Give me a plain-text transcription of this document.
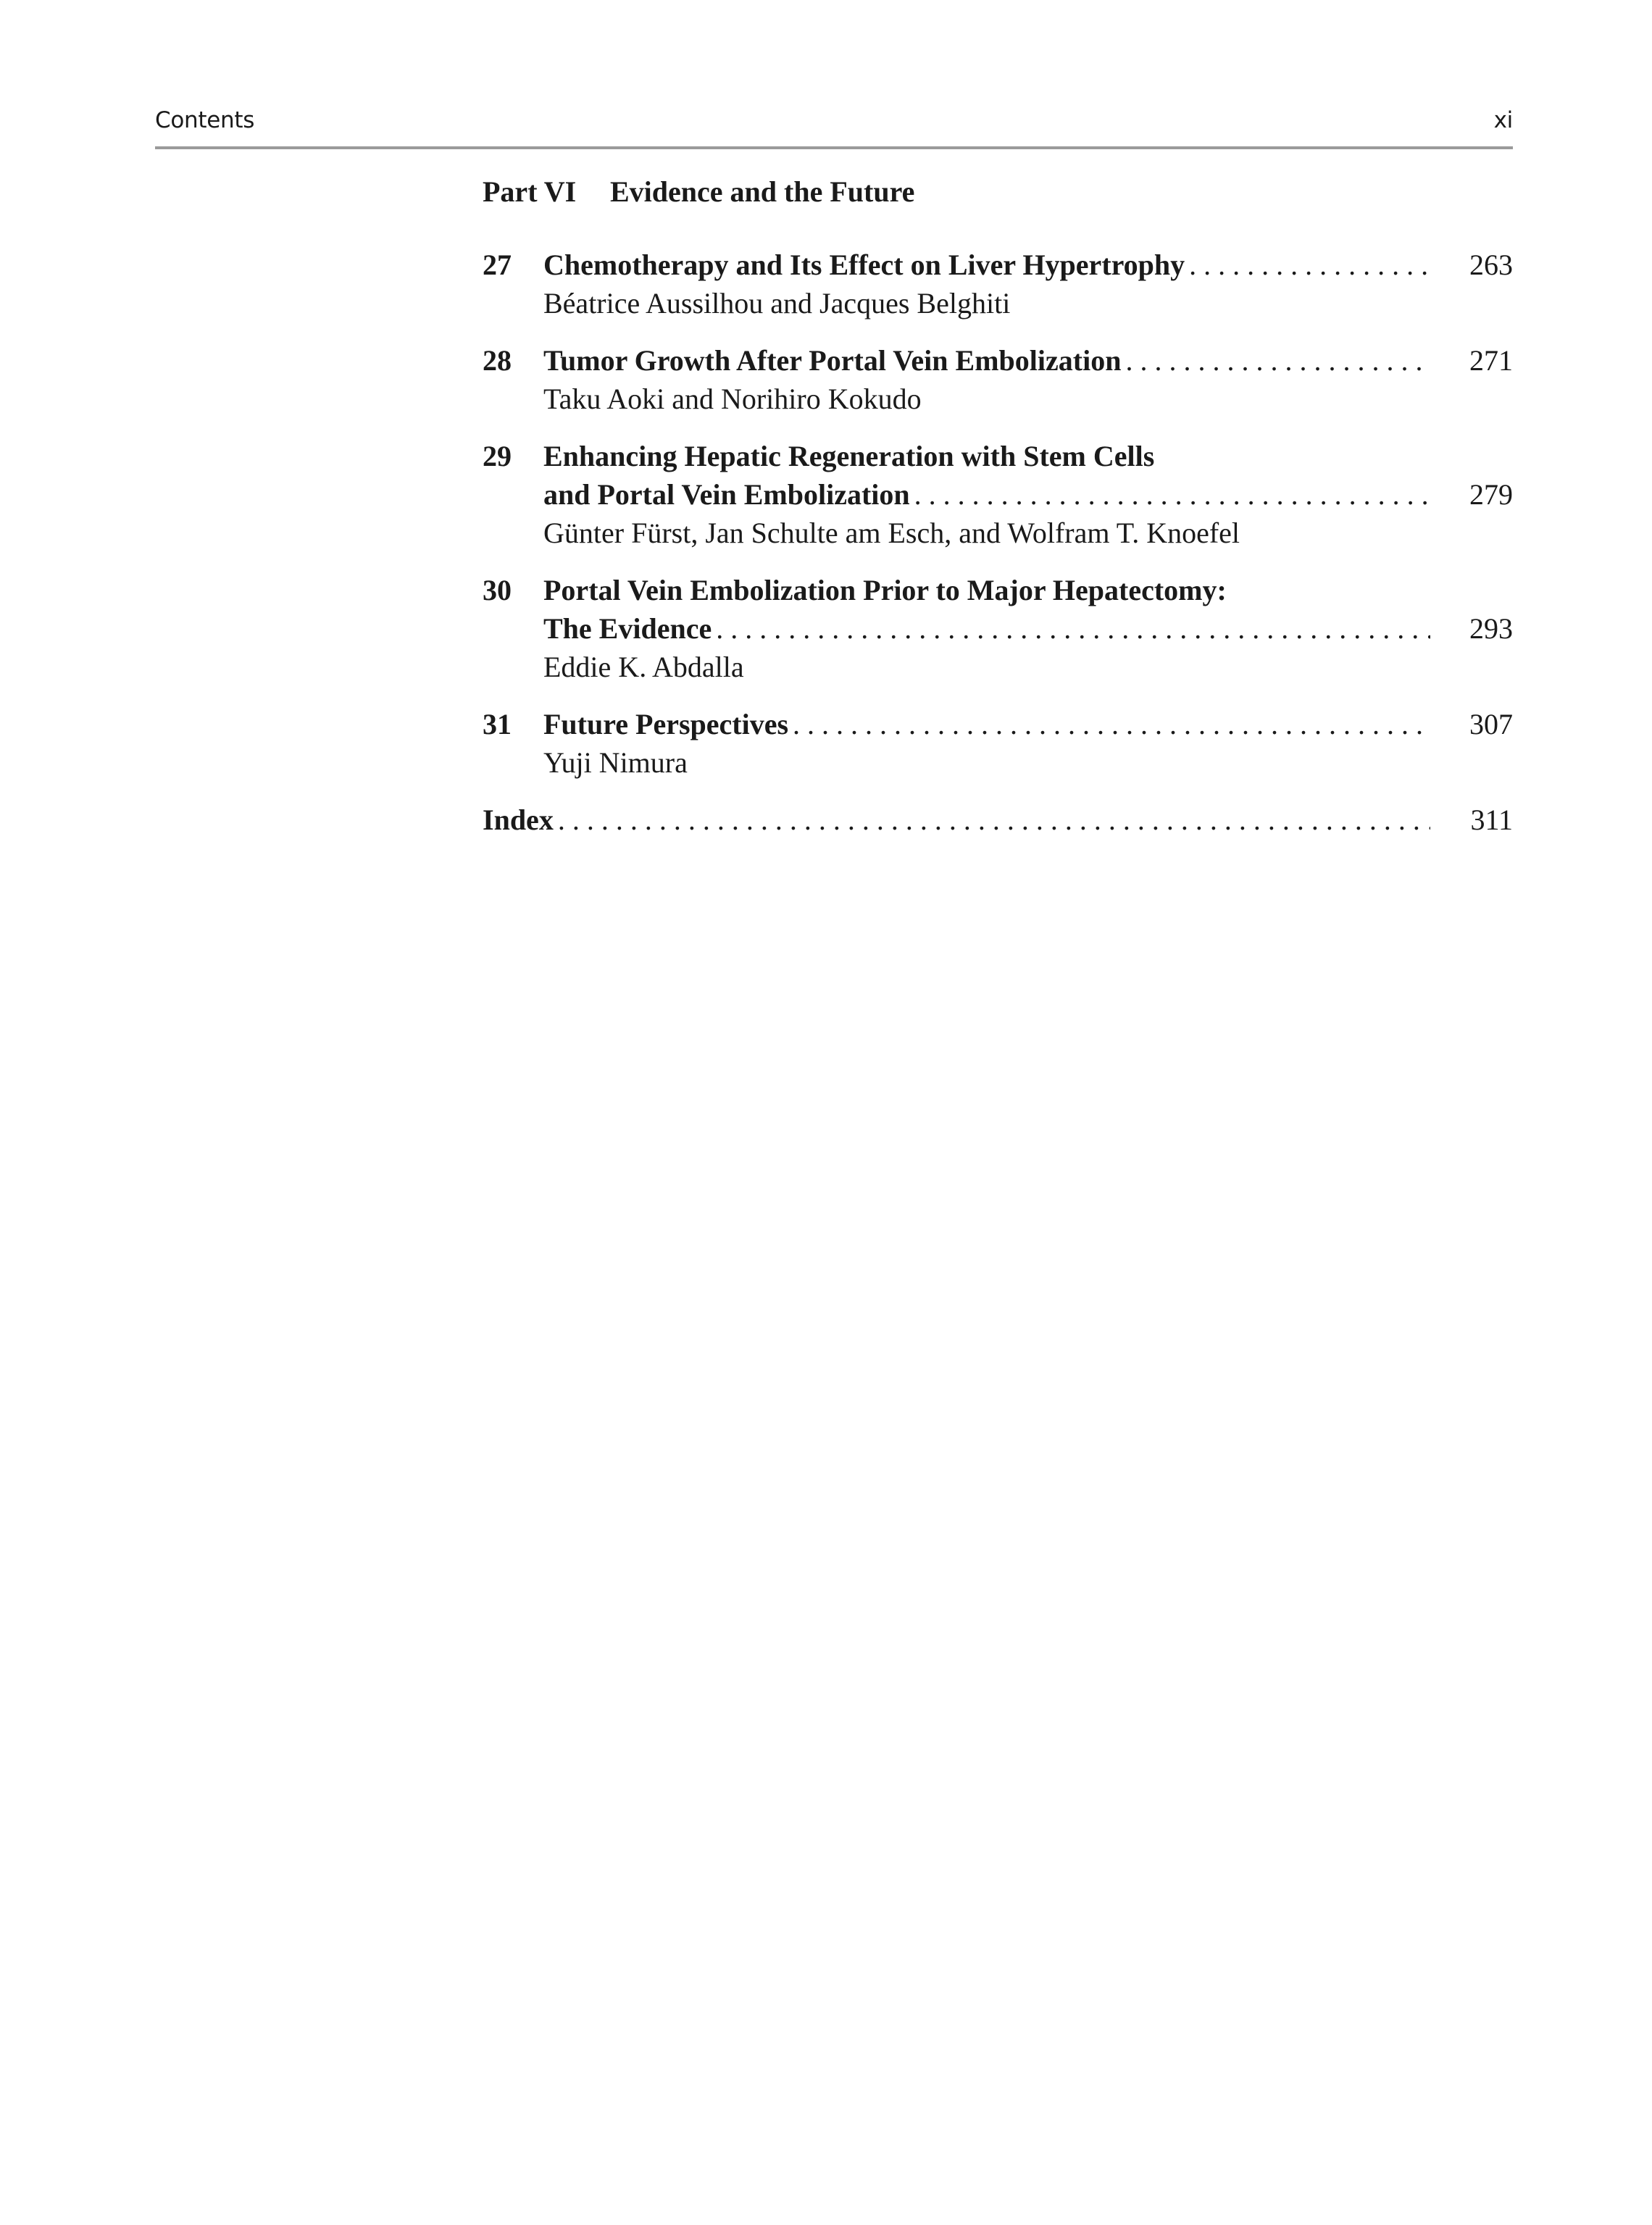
Contents	xi
Part VI Evidence and the Future
27 Chemotherapy and Its Effect on Liver Hypertrophy . . .	263
Béatrice Aussilhou and Jacques Belghiti
28 Tumor Growth After Portal Vein Embolization . . .	271
Taku Aoki and Norihiro Kokudo
29 Enhancing Hepatic Regeneration with Stem Cells
and Portal Vein Embolization . . .	279
Günter Fürst, Jan Schulte am Esch, and Wolfram T. Knoefel
30 Portal Vein Embolization Prior to Major Hepatectomy:
The Evidence . . .	293
Eddie K. Abdalla
31 Future Perspectives . . .	307
Yuji Nimura
Index . . .	311
